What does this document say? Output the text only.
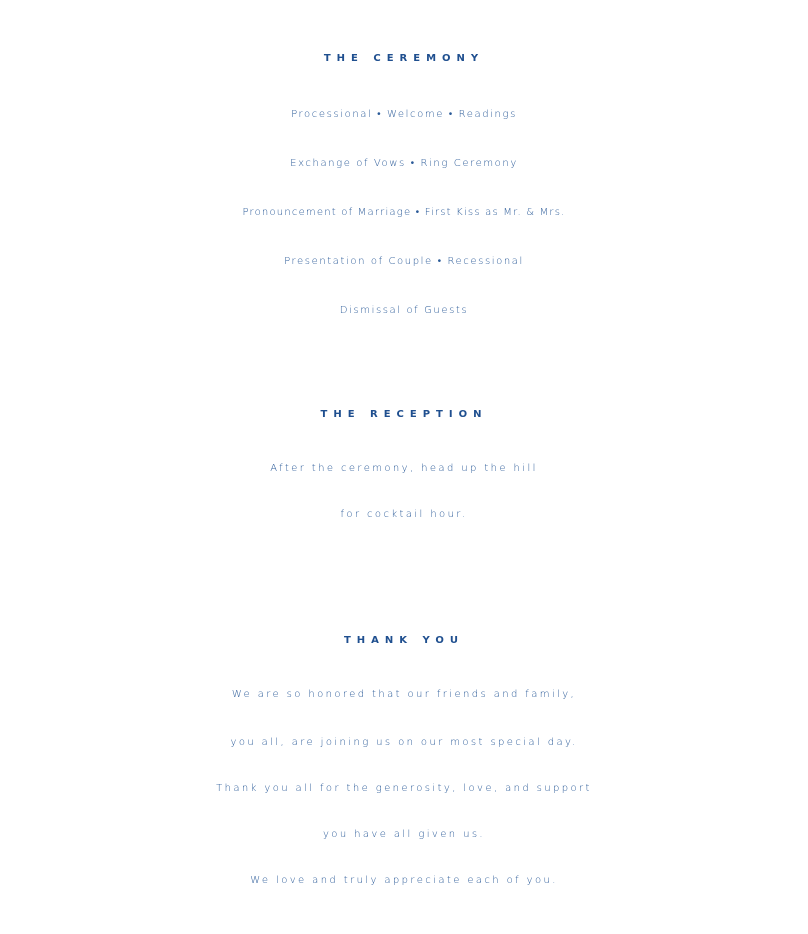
THE CEREMONY
Processional • Welcome • Readings
Exchange of Vows • Ring Ceremony
Pronouncement of Marriage • First Kiss as Mr. & Mrs.
Presentation of Couple • Recessional
Dismissal of Guests
THE RECEPTION
After the ceremony, head up the hill
for cocktail hour.
THANK YOU
We are so honored that our friends and family,
you all, are joining us on our most special day.
Thank you all for the generosity, love, and support
you have all given us.
We love and truly appreciate each of you.
